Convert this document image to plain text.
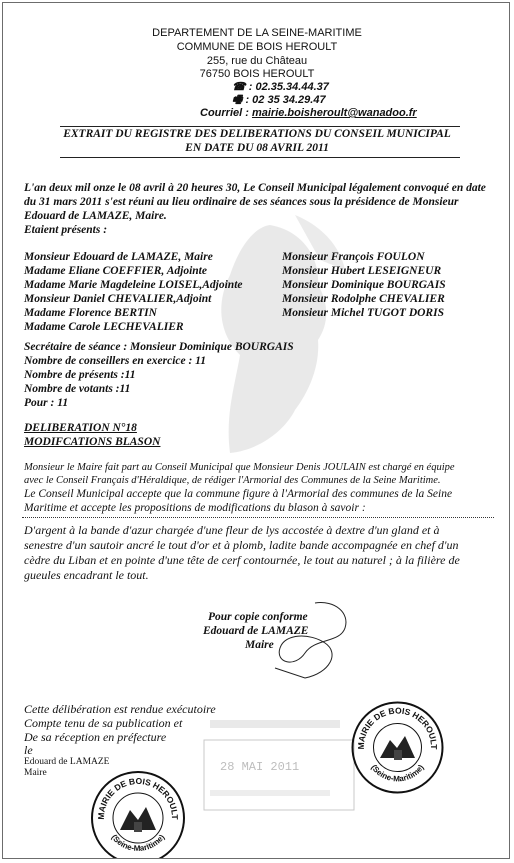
DEPARTEMENT DE LA SEINE-MARITIME
COMMUNE DE BOIS HEROULT
255, rue du Château
76750 BOIS HEROULT
☎ : 02.35.34.44.37
🖷 : 02 35 34.29.47
Courriel : mairie.boisheroult@wanadoo.fr
EXTRAIT DU REGISTRE DES DELIBERATIONS DU CONSEIL MUNICIPAL
EN DATE DU 08 AVRIL 2011
L'an deux mil onze le 08 avril à 20 heures 30, Le Conseil Municipal légalement convoqué en date
du 31 mars 2011 s'est réuni au lieu ordinaire de ses séances sous la présidence de Monsieur
Edouard de LAMAZE, Maire.
Etaient présents :
Monsieur Edouard de LAMAZE, Maire
Madame Eliane COEFFIER, Adjointe
Madame Marie Magdeleine LOISEL,Adjointe
Monsieur Daniel CHEVALIER,Adjoint
Madame Florence BERTIN
Madame Carole LECHEVALIER
Monsieur François FOULON
Monsieur Hubert LESEIGNEUR
Monsieur Dominique BOURGAIS
Monsieur Rodolphe CHEVALIER
Monsieur Michel TUGOT DORIS
Secrétaire de séance : Monsieur Dominique BOURGAIS
Nombre de conseillers en exercice : 11
Nombre de présents :11
Nombre de votants :11
Pour : 11
DELIBERATION N°18
MODIFCATIONS BLASON
Monsieur le Maire fait part au Conseil Municipal que Monsieur Denis JOULAIN est chargé en équipe
avec le Conseil Français d'Héraldique, de rédiger l'Armorial des Communes de la Seine Maritime.
Le Conseil Municipal accepte que la commune figure à l'Armorial des communes de la Seine
Maritime et accepte les propositions de modifications du blason à savoir :
D'argent à la bande d'azur chargée d'une fleur de lys accostée à dextre d'un gland et à
senestre d'un sautoir ancré le tout d'or et à plomb, ladite bande accompagnée en chef d'un
cèdre du Liban et en pointe d'une tête de cerf contournée, le tout au naturel ; à la filière de
gueules encadrant le tout.
Pour copie conforme
Edouard de LAMAZE
Maire
Cette délibération est rendue exécutoire
Compte tenu de sa publication et
De sa réception en préfecture
le
Edouard de LAMAZE
Maire	28 MAI 2011
MAIRIE DE BOIS HEROULT
(Seine-Maritime)
MAIRIE DE BOIS HEROULT
(Seine-Maritime)
